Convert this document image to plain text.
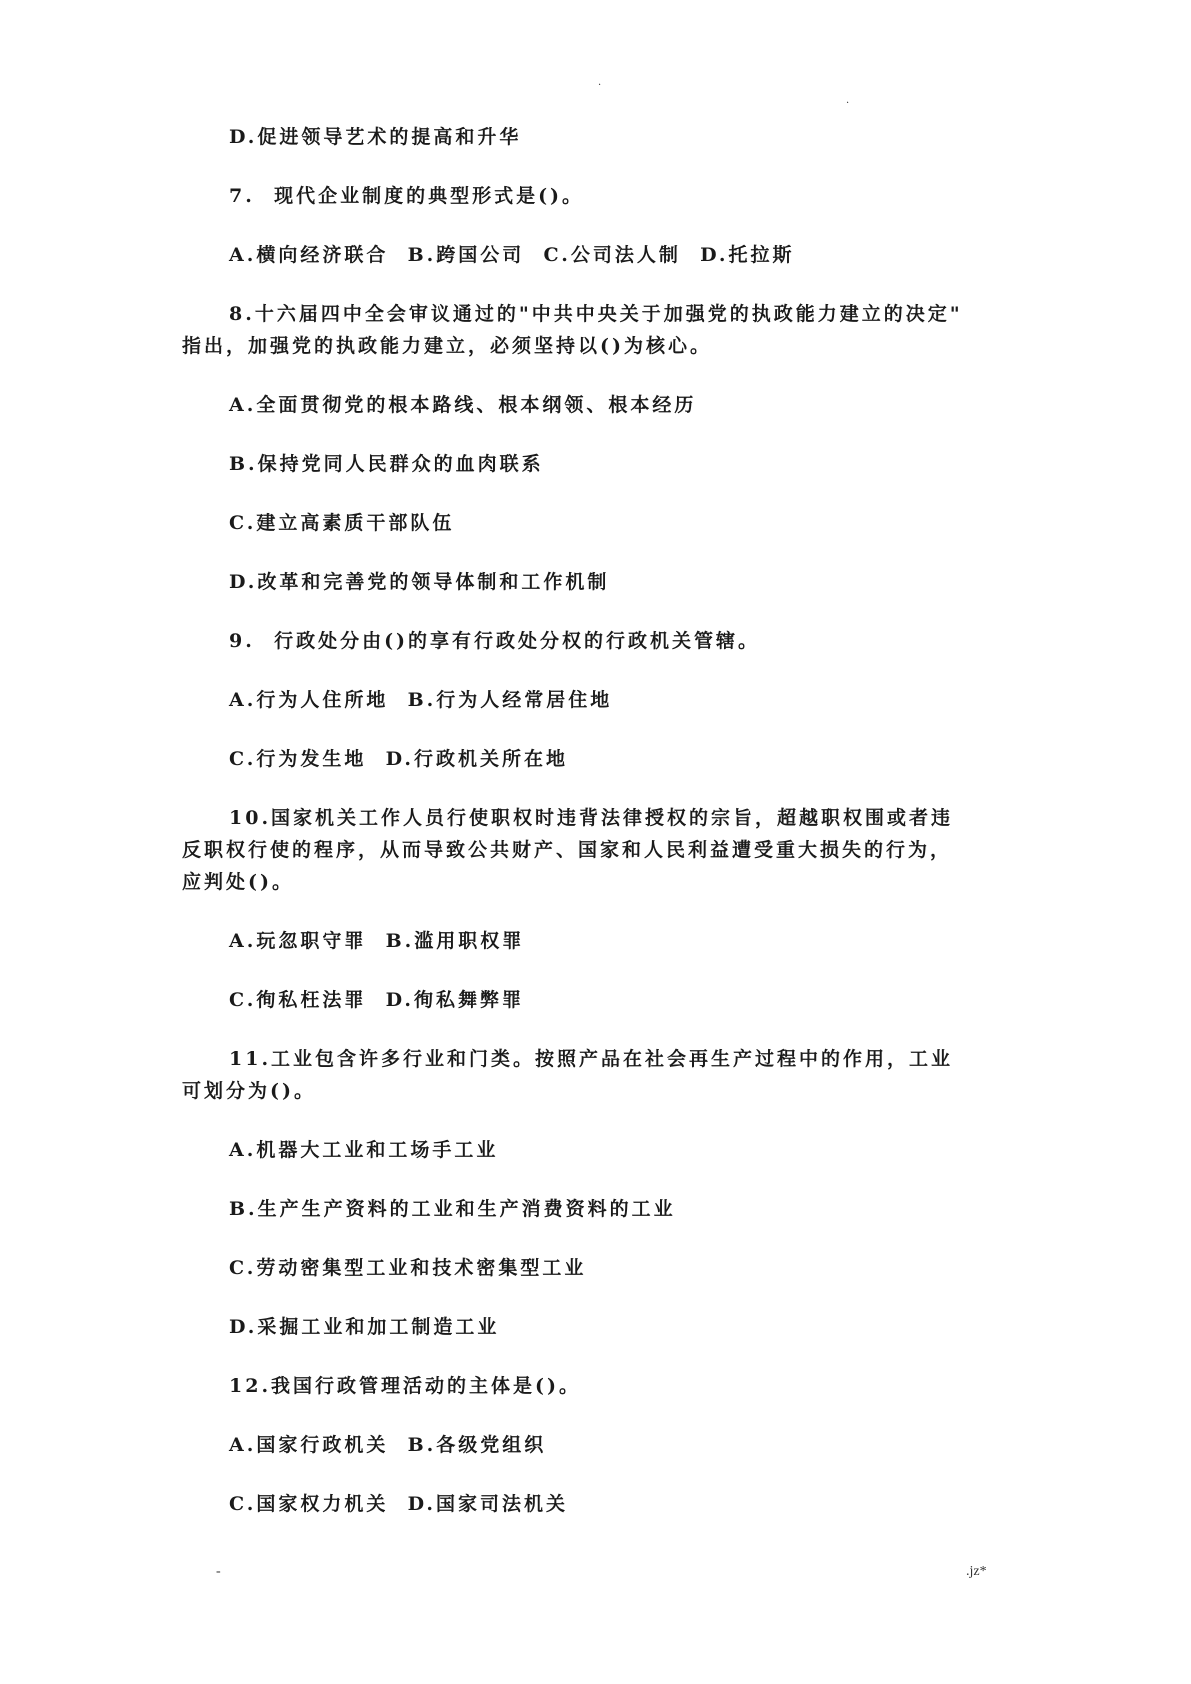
.
.
D.促进领导艺术的提高和升华
7.  现代企业制度的典型形式是()。
A.横向经济联合  B.跨国公司  C.公司法人制  D.托拉斯
8.十六届四中全会审议通过的"中共中央关于加强党的执政能力建立的决定"
指出，加强党的执政能力建立，必须坚持以()为核心。
A.全面贯彻党的根本路线、根本纲领、根本经历
B.保持党同人民群众的血肉联系
C.建立高素质干部队伍
D.改革和完善党的领导体制和工作机制
9.  行政处分由()的享有行政处分权的行政机关管辖。
A.行为人住所地  B.行为人经常居住地
C.行为发生地  D.行政机关所在地
10.国家机关工作人员行使职权时违背法律授权的宗旨，超越职权围或者违
反职权行使的程序，从而导致公共财产、国家和人民利益遭受重大损失的行为，
应判处()。
A.玩忽职守罪  B.滥用职权罪
C.徇私枉法罪  D.徇私舞弊罪
11.工业包含许多行业和门类。按照产品在社会再生产过程中的作用，工业
可划分为()。
A.机器大工业和工场手工业
B.生产生产资料的工业和生产消费资料的工业
C.劳动密集型工业和技术密集型工业
D.采掘工业和加工制造工业
12.我国行政管理活动的主体是()。
A.国家行政机关  B.各级党组织
C.国家权力机关  D.国家司法机关
-	.jz*
